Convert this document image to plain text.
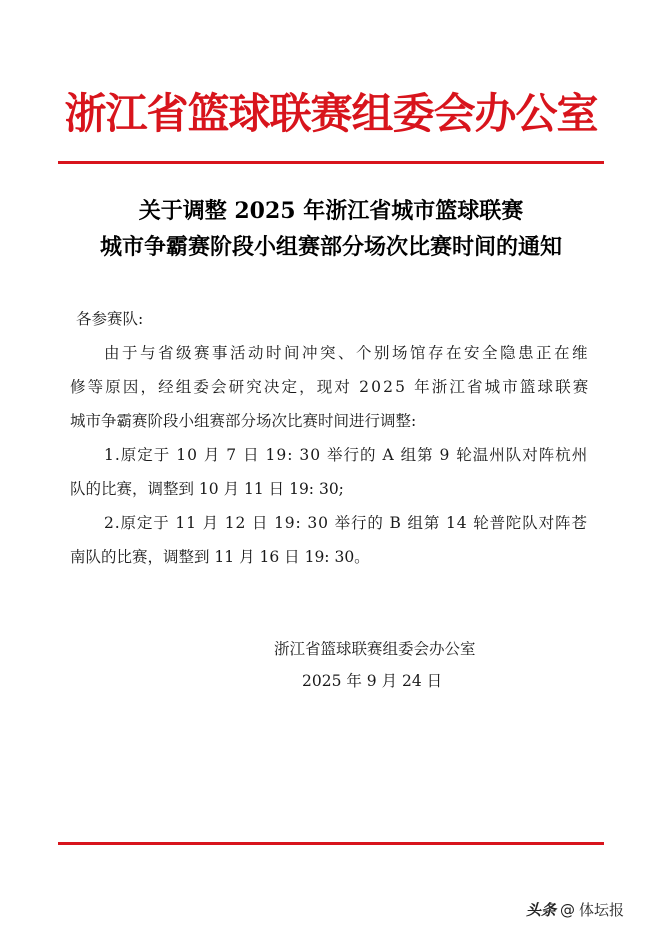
浙江省篮球联赛组委会办公室
关于调整 2025 年浙江省城市篮球联赛
城市争霸赛阶段小组赛部分场次比赛时间的通知
各参赛队:
由于与省级赛事活动时间冲突、个别场馆存在安全隐患正在维
修等原因，经组委会研究决定，现对 2025 年浙江省城市篮球联赛
城市争霸赛阶段小组赛部分场次比赛时间进行调整:
1.原定于 10 月 7 日 19: 30 举行的 A 组第 9 轮温州队对阵杭州
队的比赛，调整到 10 月 11 日 19: 30;
2.原定于 11 月 12 日 19: 30 举行的 B 组第 14 轮普陀队对阵苍
南队的比赛，调整到 11 月 16 日 19: 30。
浙江省篮球联赛组委会办公室
2025 年 9 月 24 日
头条 @ 体坛报
